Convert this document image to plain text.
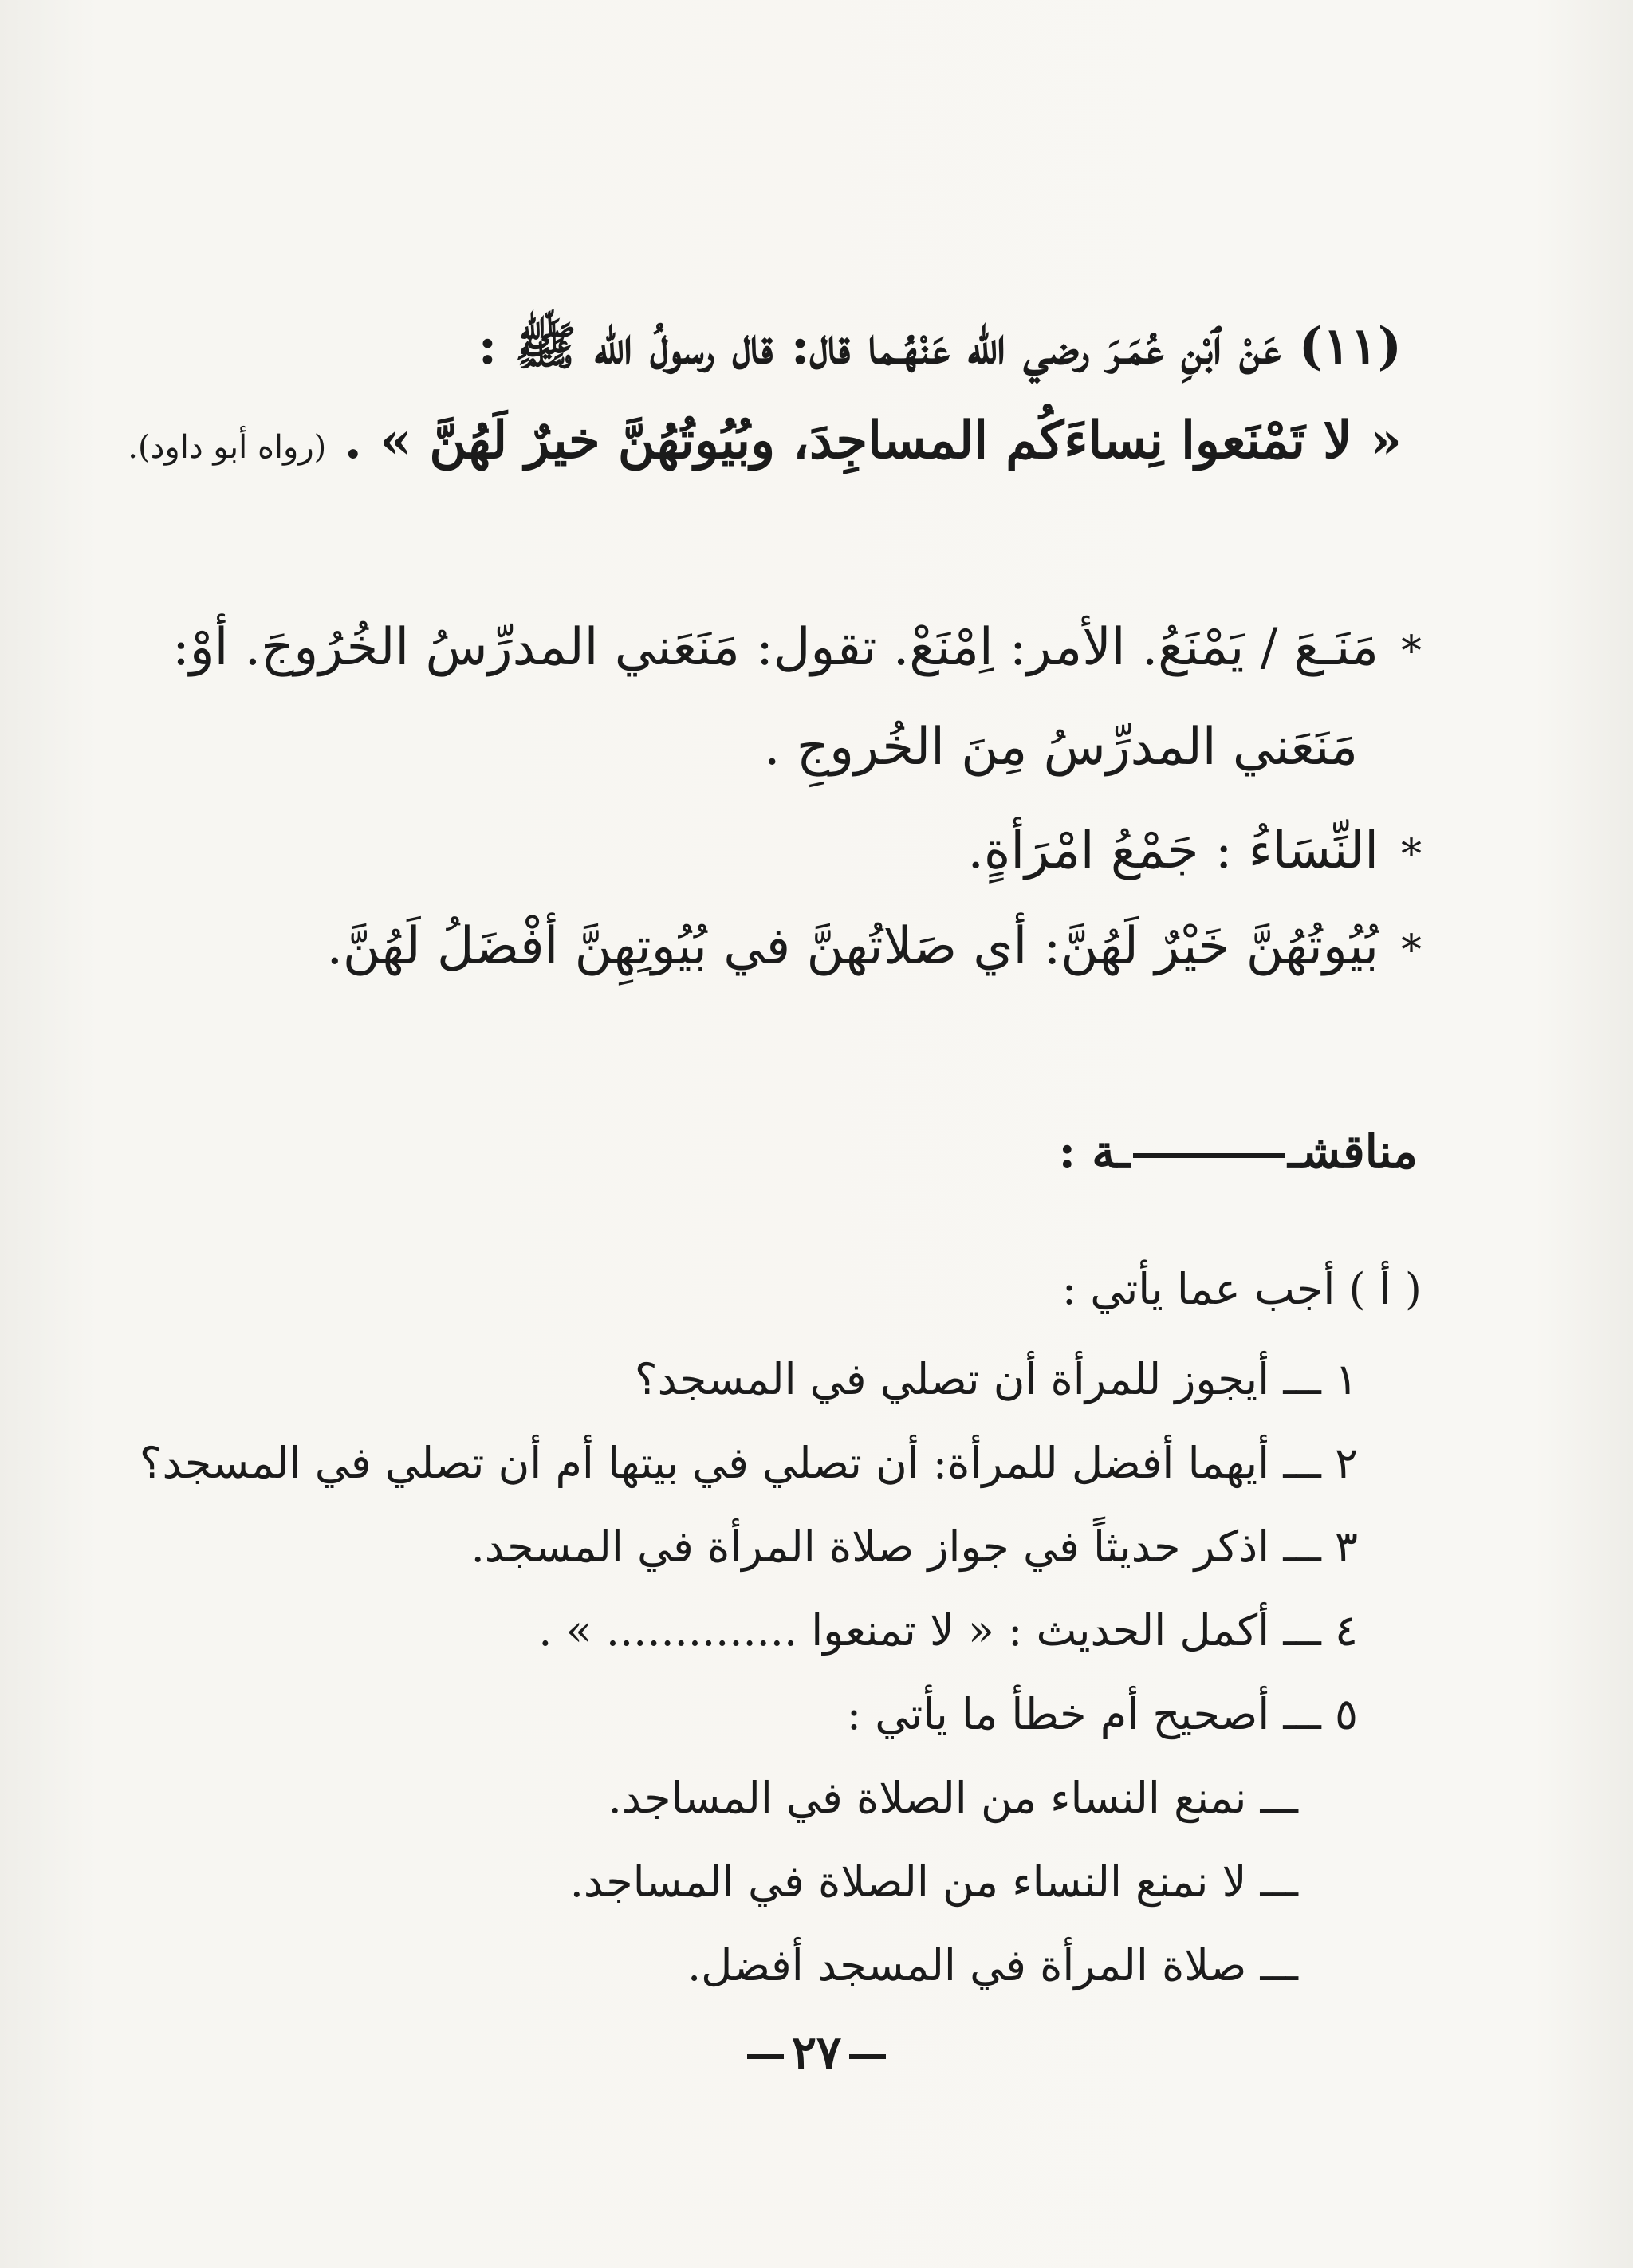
(١١) عَنْ ٱبْنِ عُمَـرَ رضي الله عَنْهُـما قال: قال رسولُ الله ﷺ :
« لا تَمْنَعوا نِساءَكُم المساجِدَ، وبُيُوتُهُنَّ خيرٌ لَهُنَّ » . (رواه أبو داود).
*مَنَـعَ / يَمْنَعُ. الأمر: اِمْنَعْ. تقول: مَنَعَني المدرِّسُ الخُرُوجَ. أوْ:
مَنَعَني المدرِّسُ مِنَ الخُروجِ .
*النِّسَاءُ : جَمْعُ امْرَأةٍ.
*بُيُوتُهُنَّ خَيْرٌ لَهُنَّ: أي صَلاتُهنَّ في بُيُوتِهِنَّ أفْضَلُ لَهُنَّ.
مناقشــة :
( أ ) أجب عما يأتي :
١ ـــ أيجوز للمرأة أن تصلي في المسجد؟
٢ ـــ أيهما أفضل للمرأة: أن تصلي في بيتها أم أن تصلي في المسجد؟
٣ ـــ اذكر حديثاً في جواز صلاة المرأة في المسجد.
٤ ـــ أكمل الحديث : « لا تمنعوا .............. » .
٥ ـــ أصحيح أم خطأ ما يأتي :
ـــ نمنع النساء من الصلاة في المساجد.
ـــ لا نمنع النساء من الصلاة في المساجد.
ـــ صلاة المرأة في المسجد أفضل.
٢٧
